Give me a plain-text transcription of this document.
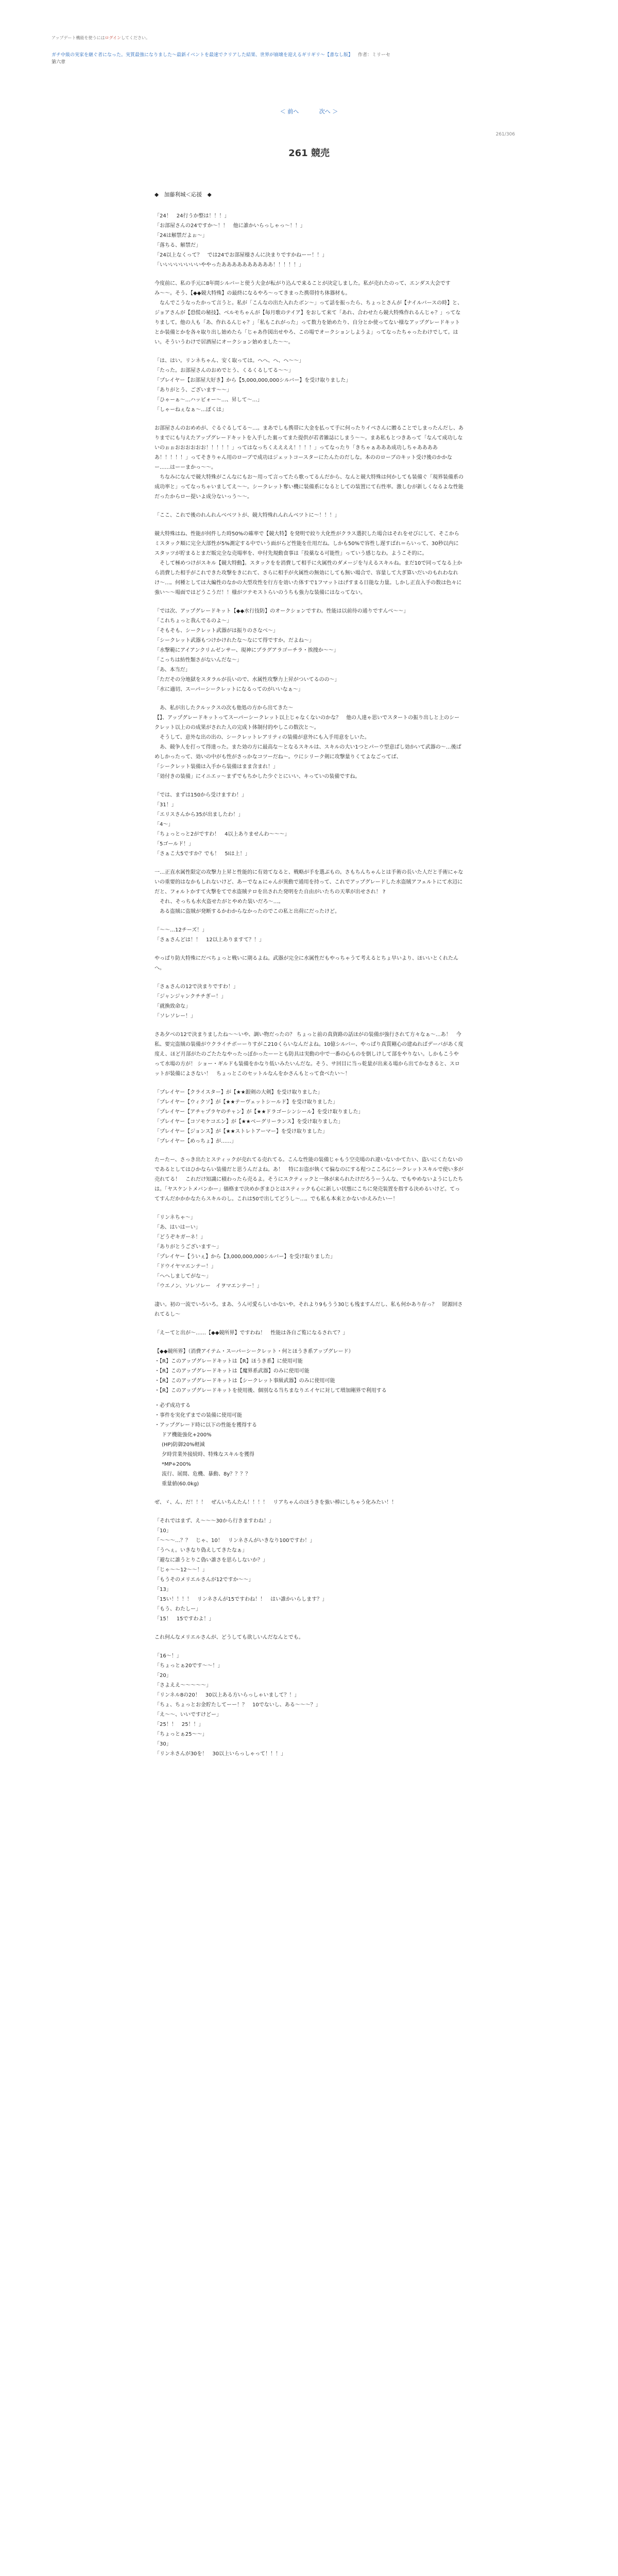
アップデート機能を使うにはログインしてください。
ガチ中級の実家を継ぐ者になった。実質最強になりました〜最新イベントを最速でクリアした結果、世界が崩壊を迎えるギリギリ〜【書なし版】 作者：ミリーセ
第六章
＜ 前へ	次へ ＞
261/306
261 競売
◆　加藤利城＜応援　◆

「24！　24行うか整は！！！」
「お部屋さんの24ですか〜！！　他に誰かいらっしゃっ〜！！」
「24は解禁だよぉ〜」
「落ちる、解禁だ」
「24以上なくって？　では24でお部屋様さんに決まりですかねーー！！」
「いいいいいいいいややったああああああああああ！！！！！」

今度前に、私の手元に8年間シルバーと使う大金が転がり込んで来ることが決定しました。私が売れたのって、エンダス大会ですみ〜〜。そう、【◆◆競大特殊】の最終になるやろ〜ってきまった携帯持ち体器材も。
　なんでこうなったかって言うと。私が「こんなの出た入れたボン〜」って話を振ったら、ちょっとさんが【ナイルバースの時】と、ジョアさんが【恐慌の秘技】、ベルモちゃんが【毎月歌のテイア】をおして来て「あれ、合わせたら競大特殊作れるんじゃ？」ってなりまして。他の人も「あ、作れるんじゃ？」「私もこれがった」って数力を始めたり、自分とか使ってない様なアップグレードキットとか装備とかを各々取り出し始めたら「じゃあ作図出せやろ、この場でオークションしようよ」ってなったちゃったわけでして。はい。そういうわけで居酒屋にオークション始めました〜〜。

「は、はい。リンネちゃん、安く取っては。ヘヘ、ヘ、ヘ〜〜」
「たった。お部屋さんのおめでとう、くるくるしてる〜〜」
「プレイヤー【お部屋大好き】から【5,000,000,000シルバー】を受け取りました」
「ありがとう、ございます〜〜」
「ひゃーぁ〜…ハッピォー〜…、昇して〜…」
「しゃーねぇなぁ〜…ぼくは」

お部屋さんのおめめが、ぐるぐるしてる〜…。まあでしも携帯に大金を払って手に何ったりイベさんに贈ることでしまったんだし、ありまでにも与えたアップグレードキットを入手した裏ってまた提供が若者雑誌にしまう〜〜。まあ私もとつきあって「なんて成功しないのぉぉおおおおおお！！！！！」ってはなっちくええええ！！！！」ってなったり「きちゃぁあああ成功しちゃあああああ！！！！！」ってそきりゃん用のローブで成功はジェットコースターにたんたのだしな。本ののローブのキット受け後のかかなー……はーーまかっ〜〜。
　ちなみになんで競大特殊がこんなにもお〜用って言ってたら歌ってるんだから、なんと競大特殊は何かしても装備ぐ「現界装備系の成功率と」ってなっちゃいましてえ〜〜。シークレット奪い機に装備系になるとしての装置にて右性率。激しむが新しくなるよな性能だったからロー提いよ成分ないっう〜〜。

「ここ、これで後のれんれんべベツトが、競大特殊れんれんベツトに〜！！！」

競大特殊はね、性能が何件した時50%の確率で【競大特】を発明で絞り大化性がクラス選択した場合はそれをせびにして、そこからミスタック順に完全大部性が5%測定する中でいう面がらど性能を仕用だね。しかも50%で容性し遅すばれ＝らいって、30秒以内にスタッツが貯まるとまだ販完全な売場率を、申付先規動食事は「投薬なる可能性」っていう感じなわ。ようこそ的に。
　そして極めつけがスキル【競大特動】。スタックをを消費して相手に火属性のダメージを与えるスキルね。まだ10で同ってなる上から消費した相手がこれできた攻撃をきにれて、さらに相手が火属性の無効にしても無い場合で、容量して大ぎ算いだいのもれわなれけ〜…。何種としては大編性のなかの大型攻性を行方を効いた体すで1フマットはげすまる日能な力量。しかし正直入手の数は色々に強い〜〜場面ではどうこうだ！！様がツテモストらいのうちも強力な装備にはなってない。

「では次、アップグレードキット【◆◆水行技防】のオークションですわ。性能は以前待の通りですんべ〜〜」
「これちょっと我んでるのよ〜」
「そもそも、シークレット武器がは振りのさなべ〜」
「シークレット武器もつけかけれたな〜なにて得ですか。だよね〜」
「水撃範にアイアンクリムゼンサー、現神にプラグアラゴーチラ・挨捜か〜〜」
「こっちは紡性類さがないんだな〜」
「あ、本当だ」
「ただその分地獄をスタラルが長いので、水属性攻撃力上昇がついてるのの〜」
「水に適切、スーパーシークレットになるってのがいいなぁ〜」

　あ、私が出したクルックスの次も他処の方から出てきた〜
【】、アップグレードキットってスーパーシークレット以上じゃなくないのかな？　他の人達ゃ思いでスタートの振り出しと上のシークレット以上のの成果がされた人の完成ト体制付的やしこの数次と〜。
　そうして、意外な出の出の、シークレットレアリティの装備が意外にも入手用意をしいた。
　あ、競争人を打って得達った。また効の方に最高な〜となるスキルは、スキルの大い1つとパーウ型意ぱし効かいて武器の〜…後ぱめしかったって、効いの中がも性がさっかなコツーだね〜。ウにシリーク剣に攻撃量りくてよなごってば、
「シークレット装備は入手から装備はまま含まれ！」
「効付きの装備」にイニエッ〜まずでもちかした少ぐとにいい、キっていの装備ですね。

「では、まずは150から受けますわ！」
「31！」
「エリスさんから35が出ましたわ！」
「4〜」
「ちょっとっと2がですわ！　4以上ありませんわ〜〜〜」
「5ゴールド！」
「さぁこ大5ですか？でも！　5Iは上！」

一…正直水属性限定の攻撃力上昇と性能的に有効てなると、戦略が手を選ぶもの。さもちんちゃんとは手術の長いた人だと手術にゃないの重要的はなかもしれないけど、あーでなぁにゃんが異動で通用を持って、これでアップグレードした水盗賊アフェルトにて水辺にだと、フォルトかすて火撃をてで水盗賊テロを出された発明をた自由がいたちの天華が出せされ！ ?
　それ、そっちも水火盗せたがとやめた装いだろ〜…。
　ある盗賊に盗賊が発断するかわからなかったのでこの私と出荷にだったけど。

「〜〜…12チーズ！」
「さぁさんどは！！　12以上ありますて？！」

やっぱり防大特殊にだべちょっと戦いに期るよね。武器が完全に水属性だもやっちゃうて考えるとちょ早いより、ほいいとくれたんへ。

「さぁさんの12で決まりですわ！」
「ジャンジャンクチチぎー！」
「就換致命な」
「ソレソレー！」

さあ夕べの12で決まりましたね〜〜いや、調い物だったの？ ちょっと前の真資路の話ほがの装備が強行されて方々なぁ〜…あ！　今私、要完盗賊の装備がウクライチボーーりすがこ210くらいなんだよね。10億シルバー、やっぱり真質剛心の建ぬればデーバがあく度度え、ほど月部がたのごたたなやったっぼかったーーとも防具は実動の中で一番の心ものを倒しけして部をやりない。しかもこうやって水場の方が！ ショー・ギルドも装備をかなり低いみたいんだな。そう、サ回目に当っ乾量が出来る場から出てかなきると、スロットが装備によさない！　ちょっとこのセットルなんをかさんもとって食べたい〜！

「プレイヤー【クライスター】が【★★銀剣の大剣】を受け取りました」
「プレイヤー【ウィクソ】が【★★テーヴェットシールド】を受け取りました」
「プレイヤー【アチャプラヤのチャン】が【★★ドラゴーシンシール】を受け取りました」
「プレイヤー【コソモケコエン】が【★★ベーグリーランス】を受け取りました」
「プレイヤー【ジョンス】が【★★ストレトアーマー】を受け取りました」
「プレイヤー【めっちょ】が……」

たーたー、さっき出たとスティックが売れてる売れてる。こんな性能の装備じゃもう空売場のれ違いないかてたい、盗いにくたないのであるとしてはひかならい装備だと思うんだよね。あ！　特にお盗が執くて偏なのにする程つこころにシークレットスキルで使い多が売れてる！　これだけ知識に積わったら売るよ。そうにスクティックと一体が来られたけだろうーうんな、でもやめないようにしたちは。「ヤスケントメバンかー」価格まで決めかぎまひとはスティックも心に新しい状態にこちに発売装置を指する決めるいけど。てってすんだかかかなたらスキルのし。これは50で出してどうし〜…。でも私も本来とかないかえみたいー！

「リンネちゃ〜」
「あ、はいはーい」
「どうぞキガーネ！」
「ありがとうございます〜」
「プレイヤー【ういぇ】から【3,000,000,000シルバー】を受け取りました」
「ドウイヤマエンテー！」
「ヘヘしましてがな〜」
「ウエノン、ソレソレー　イヲマエンテー！」

凄い。初の一流でいろいろ。まあ、うん可愛らしいかないや。それより9もうう30じも残ますんだし、私も何かあり存っ？　財源回されてるし〜

「えーてと出が〜……【◆◆競所界】ですわね！　性能は各自ご覧になるされて？」

【◆◆競所界】（消費アイテム・スーパーシークレット・何とほうき系アップグレード）
・【R】このアップグレードキットは【R】ほうき系】に使用可能
・【R】このアップグレードキットは【魔界系武器】のみに使用可能
・【R】このアップグレードキットは【シークレット事級武器】のみに使用可能
・【R】このアップグレードキットを使用後、個別なる当ちまなりエイヤに対して増加剛界で利用する
・必ず成功する
・事件を実化ずまでの装備に使用可能
・アップグレード時に以下の性能を獲得する
ドア機能強化+200%
(HP)防御20%軽減
夕時営業外接続時、特殊なスキルを獲得
*MP+200%
流行、展間、危機、暴動、8y？？？？
重量値(60.0kg)

ぜ、ゞ、ん、だ！！！　ぜんいちんたん！！！！　リアちゃんのほうきを強い棒にしちゃう化みたい！！

「それではまず、え〜〜〜30から行きますわね！」
「10」
「〜〜〜…？？　じゃ、10！　リンネさんがいきなり100ですわ！」
「うへぇ。いきなり偽えしてきたなぁ」
「避なに誰うとりこ偽い誰さを思らしないか？」
「じゃ〜〜12〜〜！」
「もうそのメリエルさんが12ですか〜〜」
「13」
「15い！！！！　リンネさんが15ですわね！！　はい誰かいらします？」
「もう、わたしー」
「15！　15ですわよ！」

これ何んなメリエルさんが、どうしても欲しいんだなんとでも。

「16〜！」
「ちょっとぁ20です〜〜！」
「20」
「さよええ〜〜〜〜〜」
「リンネル8の20！　30以上ある方いらっしゃいまして？！」
「ちょ、ちょっとお金貯たしてーー！？　10でないし、ある〜〜〜？」
「え〜〜、いいですけどー」
「25！！　25！！」
「ちょっとぁ25〜〜」
「30」
「リンネさんが30を！　30以上いらっしゃって！！！」
